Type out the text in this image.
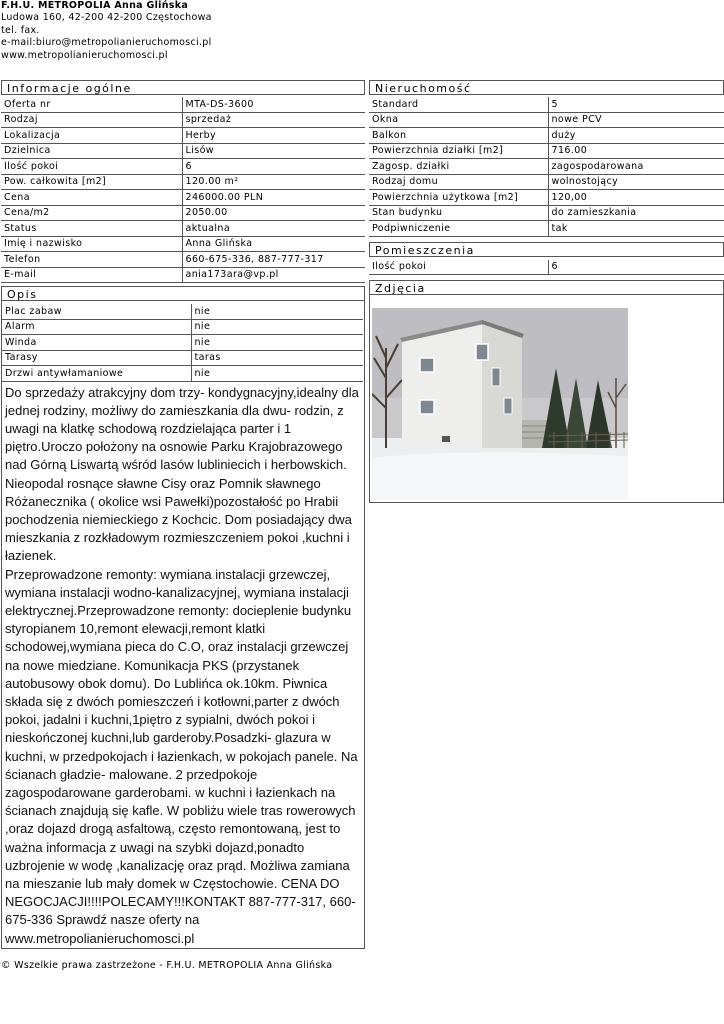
F.H.U. METROPOLIA Anna Glińska
Ludowa 160, 42-200 42-200 Częstochowa
tel. fax.
e-mail:biuro@metropolianieruchomosci.pl
www.metropolianieruchomosci.pl
Informacje ogólne
Oferta nr	MTA-DS-3600
Rodzaj	sprzedaż
Lokalizacja	Herby
Dzielnica	Lisów
Ilość pokoi	6
Pow. całkowita [m2]	120.00 m²
Cena	246000.00 PLN
Cena/m2	2050.00
Status	aktualna
Imię i nazwisko	Anna Glińska
Telefon	660-675-336, 887-777-317
E-mail	ania173ara@vp.pl
Opis
Plac zabaw	nie
Alarm	nie
Winda	nie
Tarasy	taras
Drzwi antywłamaniowe	nie

Do sprzedaży atrakcyjny dom trzy- kondygnacyjny,idealny dla jednej rodziny, możliwy do zamieszkania dla dwu- rodzin, z uwagi na klatkę schodową rozdzielająca parter i 1 piętro.Uroczo położony na osnowie Parku Krajobrazowego nad Górną Liswartą wśród lasów lubliniecich i herbowskich. Nieopodal rosnące sławne Cisy oraz Pomnik sławnego Różanecznika ( okolice wsi Pawełki)pozostałość po Hrabii pochodzenia niemieckiego z Kochcic. Dom posiadający dwa mieszkania z rozkładowym rozmieszczeniem pokoi ,kuchni i łazienek.

Przeprowadzone remonty: wymiana instalacji grzewczej, wymiana instalacji wodno-kanalizacyjnej, wymiana instalacji elektrycznej.Przeprowadzone remonty: docieplenie budynku styropianem 10,remont elewacji,remont klatki schodowej,wymiana pieca do C.O, oraz instalacji grzewczej na nowe miedziane. Komunikacja PKS (przystanek autobusowy obok domu). Do Lublińca ok.10km. Piwnica składa się z dwóch pomieszczeń i kotłowni,parter z dwóch pokoi, jadalni i kuchni,1piętro z sypialni, dwóch pokoi i nieskończonej kuchni,lub garderoby.Posadzki- glazura w kuchni, w przedpokojach i łazienkach, w pokojach panele. Na ścianach gładzie- malowane. 2 przedpokoje zagospodarowane garderobami. w kuchni i łazienkach na ścianach znajdują się kafle. W pobliżu wiele tras rowerowych ,oraz dojazd drogą asfaltową, często remontowaną, jest to ważna informacja z uwagi na szybki dojazd,ponadto uzbrojenie w wodę ,kanalizację oraz prąd. Możliwa zamiana na mieszanie lub mały domek w Częstochowie. CENA DO NEGOCJACJI!!!!POLECAMY!!!KONTAKT 887-777-317, 660-675-336 Sprawdź nasze oferty na www.metropolianieruchomosci.pl

Nieruchomość
Standard	5
Okna	nowe PCV
Balkon	duży
Powierzchnia działki [m2]	716.00
Zagosp. działki	zagospodarowana
Rodzaj domu	wolnostojący
Powierzchnia użytkowa [m2]	120,00
Stan budynku	do zamieszkania
Podpiwniczenie	tak
Pomieszczenia
Ilość pokoi	6
Zdjęcia
© Wszelkie prawa zastrzeżone - F.H.U. METROPOLIA Anna Glińska
